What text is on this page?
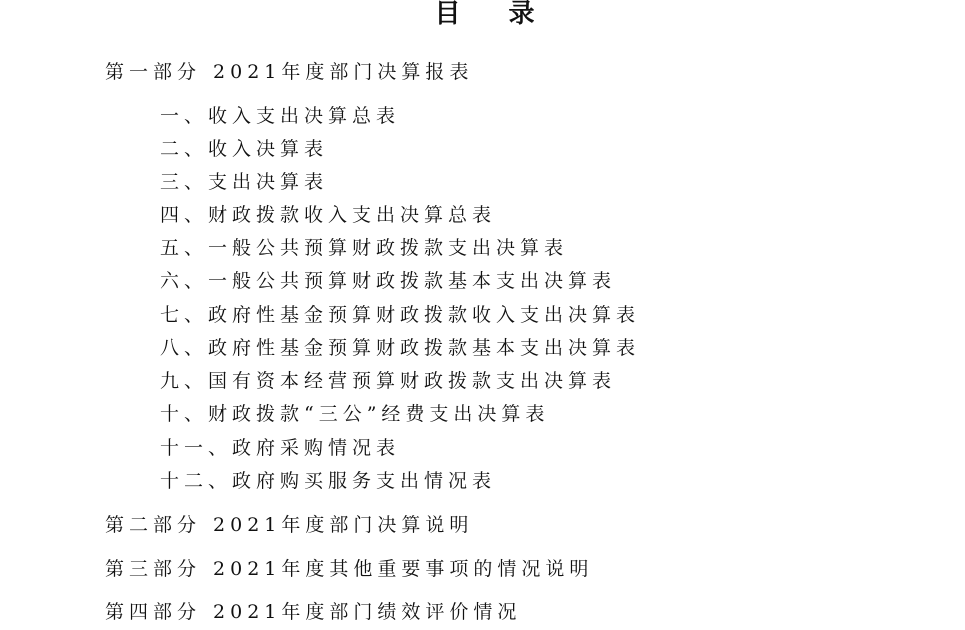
目录
第一部分 2021年度部门决算报表
一、收入支出决算总表
二、收入决算表
三、支出决算表
四、财政拨款收入支出决算总表
五、一般公共预算财政拨款支出决算表
六、一般公共预算财政拨款基本支出决算表
七、政府性基金预算财政拨款收入支出决算表
八、政府性基金预算财政拨款基本支出决算表
九、国有资本经营预算财政拨款支出决算表
十、财政拨款“三公”经费支出决算表
十一、政府采购情况表
十二、政府购买服务支出情况表
第二部分 2021年度部门决算说明
第三部分 2021年度其他重要事项的情况说明
第四部分 2021年度部门绩效评价情况
